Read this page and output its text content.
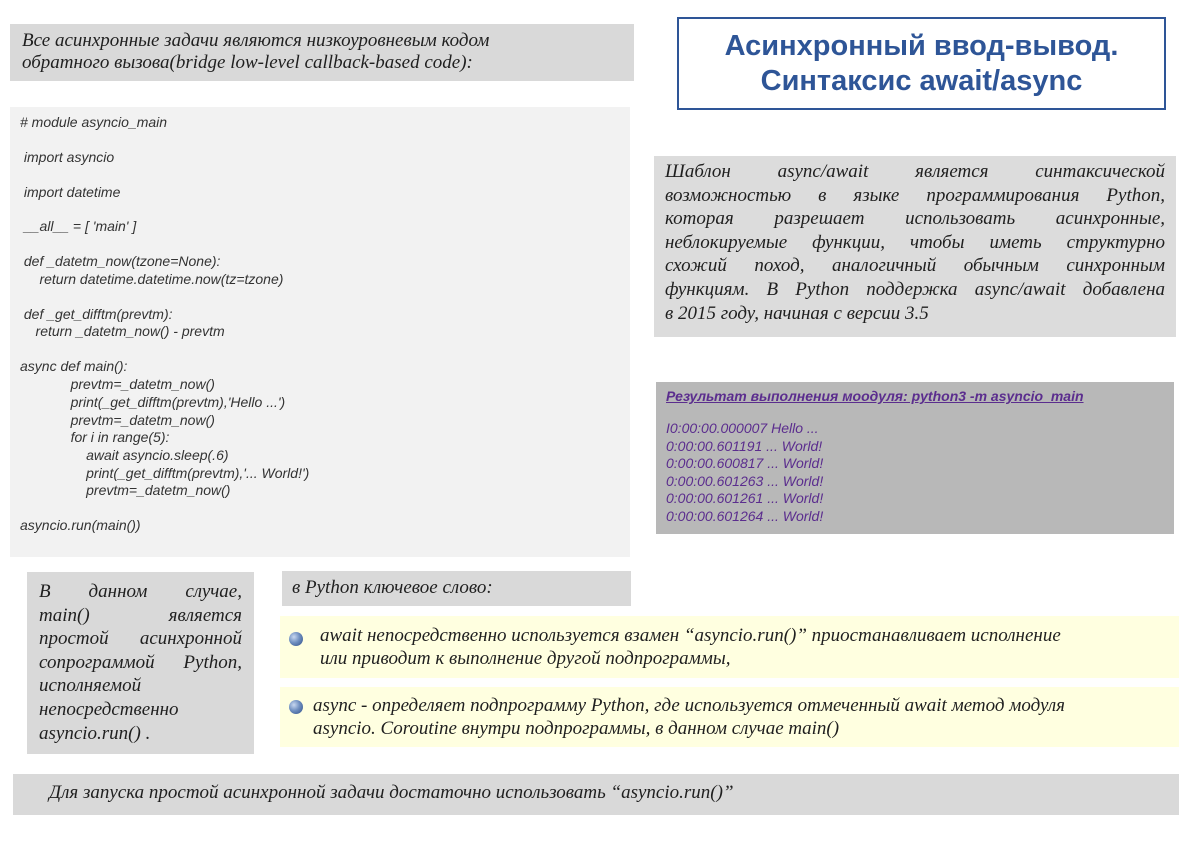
Все асинхронные задачи являются низкоуровневым кодом
обратного вызова(bridge low-level callback-based code):
Асинхронный ввод-вывод.
Синтаксис await/async
# module asyncio_main
import asyncio
import datetime
__all__ = [ 'main' ]
def _datetm_now(tzone=None):
return datetime.datetime.now(tz=tzone)
def _get_difftm(prevtm):
return _datetm_now() - prevtm
async def main():
prevtm=_datetm_now()
print(_get_difftm(prevtm),'Hello ...')
prevtm=_datetm_now()
for i in range(5):
await asyncio.sleep(.6)
print(_get_difftm(prevtm),'... World!')
prevtm=_datetm_now()
asyncio.run(main())

Шаблон async/await является синтаксической

возможностью в языке программирования Python,

которая разрешает использовать асинхронные,

неблокируемые функции, чтобы иметь структурно

схожий поход, аналогичный обычным синхронным

функциям. В Python поддержка async/await добавлена

в 2015 году, начиная с версии 3.5

Результат выполнения моодуля: python3 -m asyncio_main
I0:00:00.000007 Hello ...
0:00:00.601191 ... World!
0:00:00.600817 ... World!
0:00:00.601263 ... World!
0:00:00.601261 ... World!
0:00:00.601264 ... World!

В данном случае,

main() является

простой асинхронной

сопрограммой Python,

исполняемой

непосредственно

asyncio.run() .

в Python ключевое слово:
await непосредственно используется взамен “asyncio.run()” приостанавливает исполнение
или приводит к выполнение другой подпрограммы,
async - определяет подпрограмму Python, где используется отмеченный await метод модуля
asyncio. Coroutine внутри подпрограммы, в данном случае main()
Для запуска простой асинхронной задачи достаточно использовать “asyncio.run()”
